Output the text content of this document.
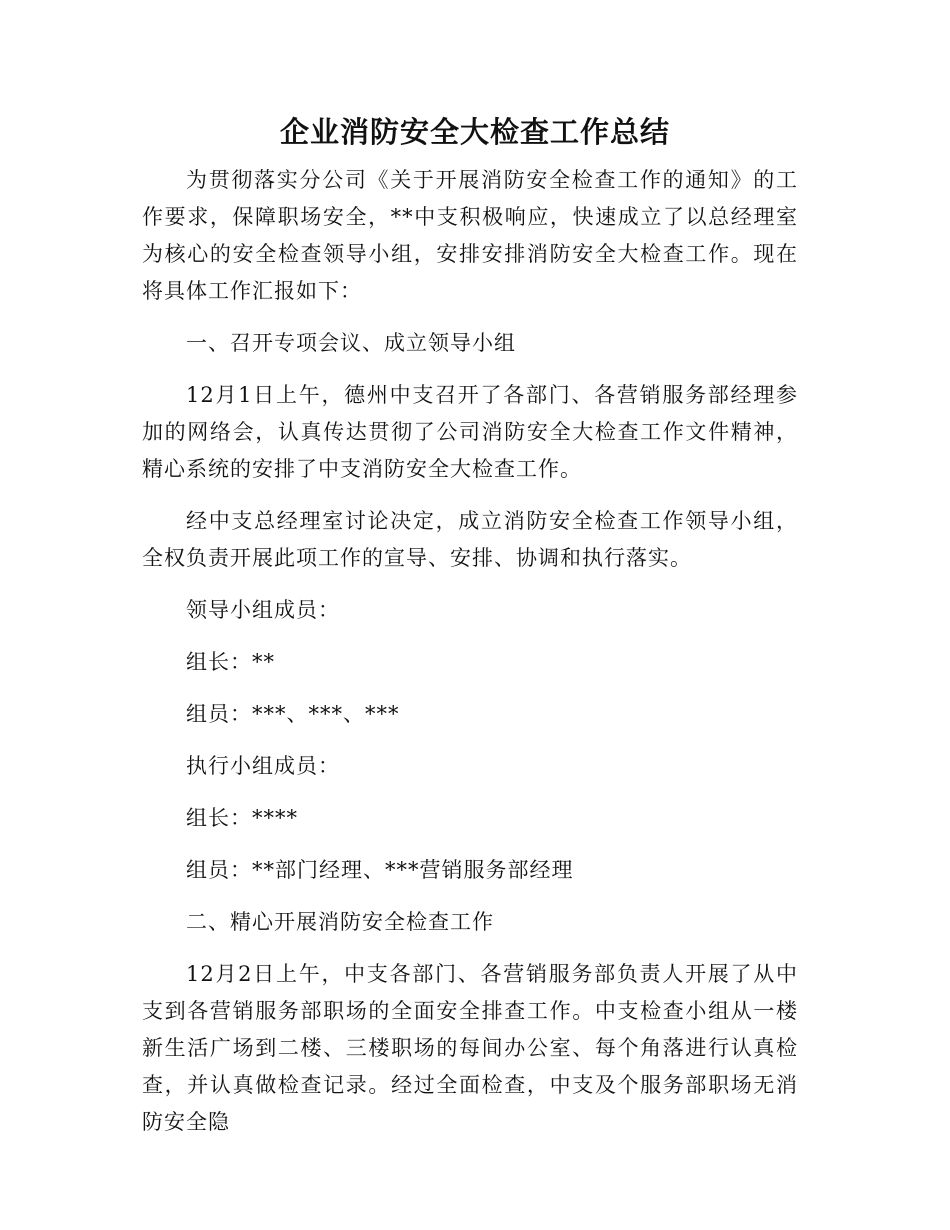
企业消防安全大检查工作总结

为贯彻落实分公司《关于开展消防安全检查工作的通知》的工作要求，保障职场安全，**中支积极响应，快速成立了以总经理室为核心的安全检查领导小组，安排安排消防安全大检查工作。现在将具体工作汇报如下：

一、召开专项会议、成立领导小组

12月1日上午，德州中支召开了各部门、各营销服务部经理参加的网络会，认真传达贯彻了公司消防安全大检查工作文件精神，精心系统的安排了中支消防安全大检查工作。

经中支总经理室讨论决定，成立消防安全检查工作领导小组，全权负责开展此项工作的宣导、安排、协调和执行落实。

领导小组成员：

组长：**

组员：***、***、***

执行小组成员：

组长：****

组员：**部门经理、***营销服务部经理

二、精心开展消防安全检查工作

12月2日上午，中支各部门、各营销服务部负责人开展了从中支到各营销服务部职场的全面安全排查工作。中支检查小组从一楼新生活广场到二楼、三楼职场的每间办公室、每个角落进行认真检查，并认真做检查记录。经过全面检查，中支及个服务部职场无消防安全隐
